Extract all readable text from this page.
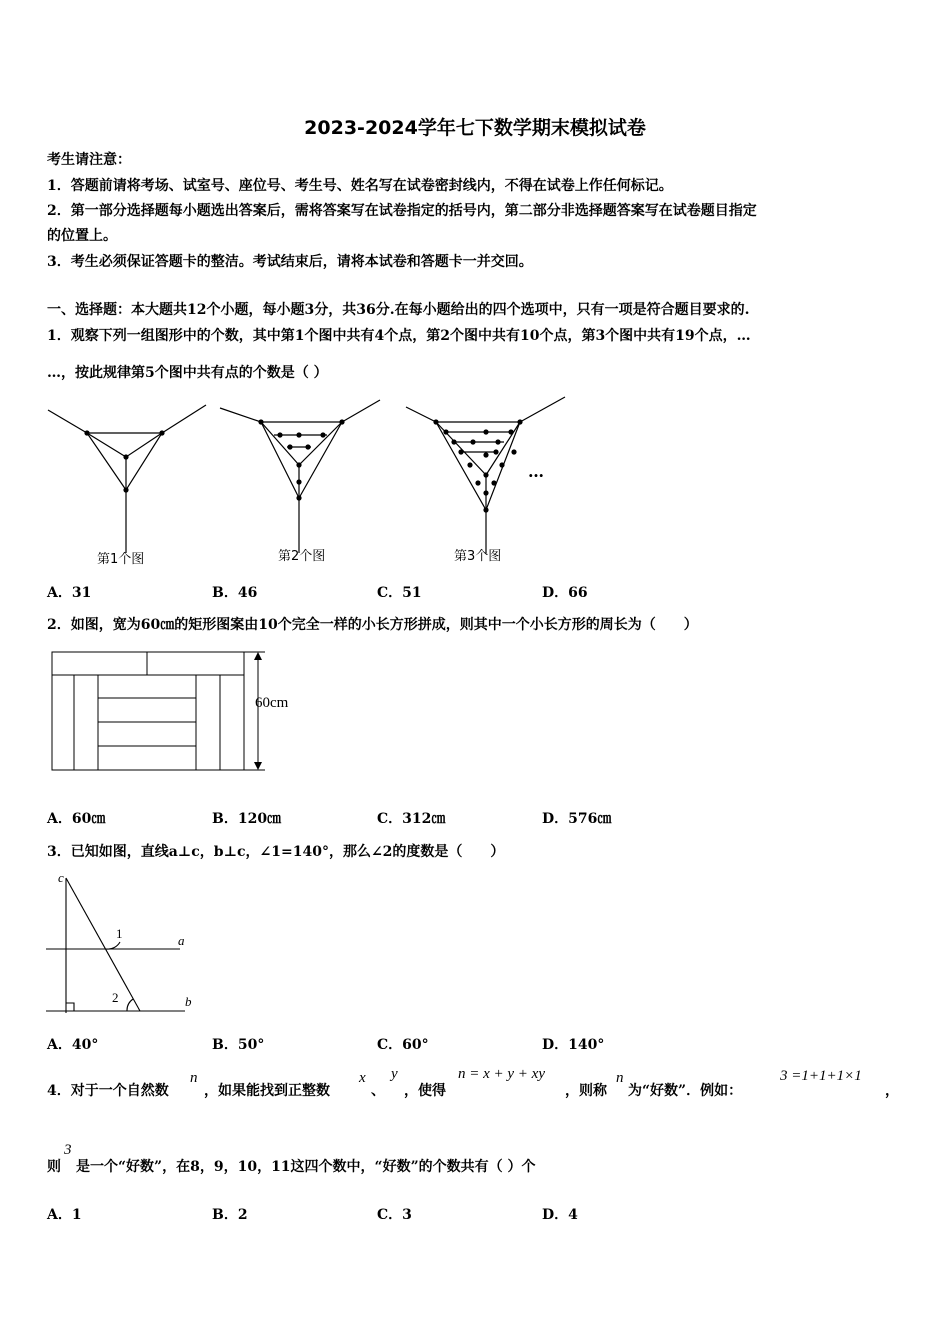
2023-2024学年七下数学期末模拟试卷
考生请注意：
1．答题前请将考场、试室号、座位号、考生号、姓名写在试卷密封线内，不得在试卷上作任何标记。
2．第一部分选择题每小题选出答案后，需将答案写在试卷指定的括号内，第二部分非选择题答案写在试卷题目指定
的位置上。
3．考生必须保证答题卡的整洁。考试结束后，请将本试卷和答题卡一并交回。
一、选择题：本大题共12个小题，每小题3分，共36分.在每小题给出的四个选项中，只有一项是符合题目要求的.
1．观察下列一组图形中的个数，其中第1个图中共有4个点，第2个图中共有10个点，第3个图中共有19个点，…
…，按此规律第5个图中共有点的个数是（ ）
…
第1个图	第2个图	第3个图
A．31	B．46	C．51	D．66
2．如图，宽为60㎝的矩形图案由10个完全一样的小长方形拼成，则其中一个小长方形的周长为（　　）
60cm
A．60㎝	B．120㎝	C．312㎝	D．576㎝
3．已知如图，直线a⊥c，b⊥c，∠1=140°，那么∠2的度数是（　　）
c
a
b
1
2
A．40°	B．50°	C．60°	D．140°
4．对于一个自然数
n
，如果能找到正整数
x
、
y
，使得
n = x + y + xy
，则称
n
为“好数”．例如：
3 =1+1+1×1
，
则
3
是一个“好数”，在8，9，10，11这四个数中，“好数”的个数共有（ ）个
A．1	B．2	C．3	D．4
